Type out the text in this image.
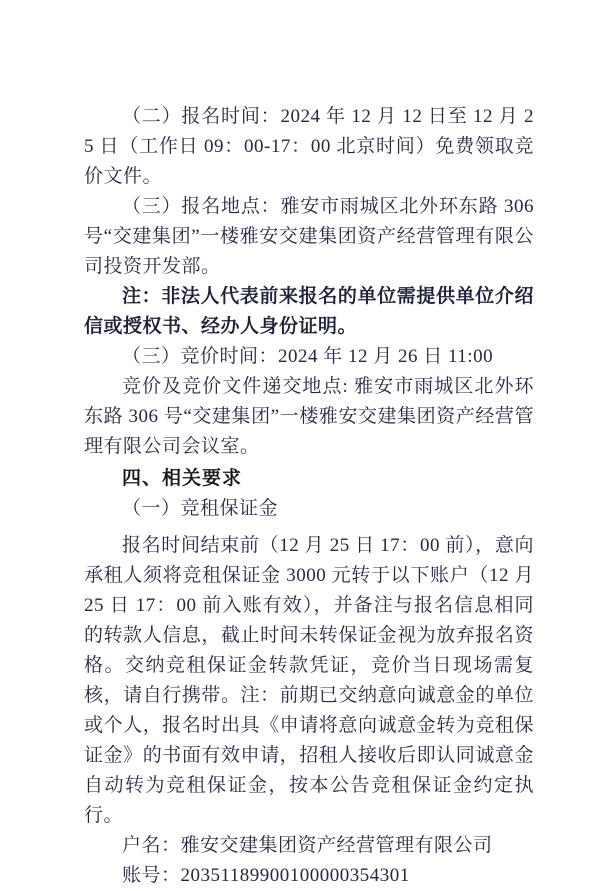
（二）报名时间：2024 年 12 月 12 日至 12 月 25 日（工作日 09：00-17：00 北京时间）免费领取竞价文件。

（三）报名地点：雅安市雨城区北外环东路 306 号“交建集团”一楼雅安交建集团资产经营管理有限公司投资开发部。

注：非法人代表前来报名的单位需提供单位介绍信或授权书、经办人身份证明。

（三）竞价时间：2024 年 12 月 26 日 11:00

竞价及竞价文件递交地点: 雅安市雨城区北外环东路 306 号“交建集团”一楼雅安交建集团资产经营管理有限公司会议室。

四、相关要求

（一）竞租保证金

报名时间结束前（12 月 25 日 17：00 前），意向承租人须将竞租保证金 3000 元转于以下账户（12 月 25 日 17：00 前入账有效），并备注与报名信息相同的转款人信息，截止时间未转保证金视为放弃报名资格。交纳竞租保证金转款凭证，竞价当日现场需复核，请自行携带。注：前期已交纳意向诚意金的单位或个人，报名时出具《申请将意向诚意金转为竞租保证金》的书面有效申请，招租人接收后即认同诚意金自动转为竞租保证金，按本公告竞租保证金约定执行。

户名：雅安交建集团资产经营管理有限公司

账号：20351189900100000354301
